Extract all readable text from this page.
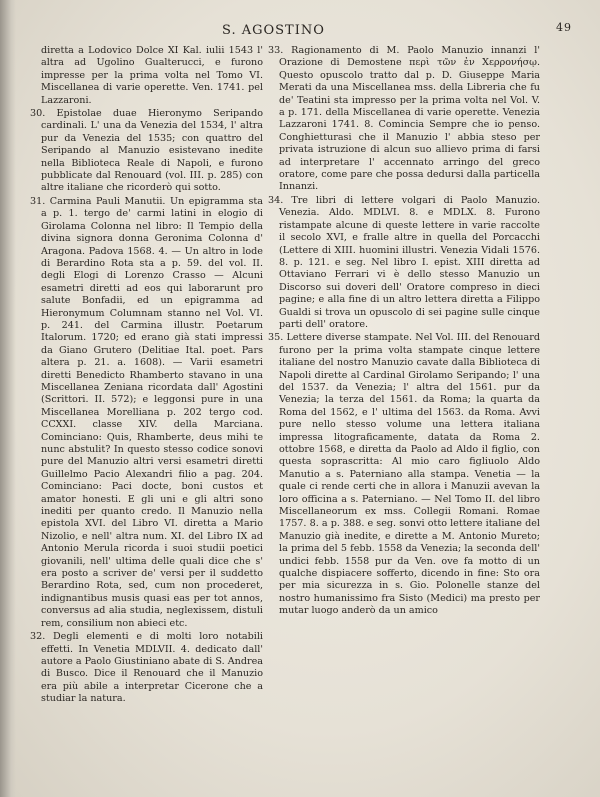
S. AGOSTINO	49

diretta a Lodovico Dolce XI Kal. iulii 1543 l' altra ad Ugolino Gualterucci, e furono impresse per la prima volta nel Tomo VI. Miscellanea di varie operette. Ven. 1741. pel Lazzaroni.

30. Epistolae duae Hieronymo Seripando cardinali. L' una da Venezia del 1534, l' altra pur da Venezia del 1535; con quattro del Seripando al Manuzio esistevano inedite nella Biblioteca Reale di Napoli, e furono pubblicate dal Renouard (vol. III. p. 285) con altre italiane che ricorderò qui sotto.

31. Carmina Pauli Manutii. Un epigramma sta a p. 1. tergo de' carmi latini in elogio di Girolama Colonna nel libro: Il Tempio della divina signora donna Geronima Colonna d' Aragona. Padova 1568. 4. — Un altro in lode di Berardino Rota sta a p. 59. del vol. II. degli Elogi di Lorenzo Crasso — Alcuni esametri diretti ad eos qui laborarunt pro salute Bonfadii, ed un epigramma ad Hieronymum Columnam stanno nel Vol. VI. p. 241. del Carmina illustr. Poetarum Italorum. 1720; ed erano già stati impressi da Giano Grutero (Delitiae Ital. poet. Pars altera p. 21. a. 1608). — Varii esametri diretti Benedicto Rhamberto stavano in una Miscellanea Zeniana ricordata dall' Agostini (Scrittori. II. 572); e leggonsi pure in una Miscellanea Morelliana p. 202 tergo cod. CCXXI. classe XIV. della Marciana. Cominciano: Quis, Rhamberte, deus mihi te nunc abstulit? In questo stesso codice sonovi pure del Manuzio altri versi esametri diretti Guillelmo Pacio Alexandri filio a pag. 204. Cominciano: Paci docte, boni custos et amator honesti. E gli uni e gli altri sono inediti per quanto credo. Il Manuzio nella epistola XVI. del Libro VI. diretta a Mario Nizolio, e nell' altra num. XI. del Libro IX ad Antonio Merula ricorda i suoi studii poetici giovanili, nell' ultima delle quali dice che s' era posto a scriver de' versi per il suddetto Berardino Rota, sed, cum non procederet, indignantibus musis quasi eas per tot annos, conversus ad alia studia, neglexissem, distuli rem, consilium non abieci etc.

32. Degli elementi e di molti loro notabili effetti. In Venetia MDLVII. 4. dedicato dall' autore a Paolo Giustiniano abate di S. Andrea di Busco. Dice il Renouard che il Manuzio era più abile a interpretar Cicerone che a studiar la natura.

33. Ragionamento di M. Paolo Manuzio innanzi l' Orazione di Demostene περὶ τῶν ἐν Χερρονήσῳ. Questo opuscolo tratto dal p. D. Giuseppe Maria Merati da una Miscellanea mss. della Libreria che fu de' Teatini sta impresso per la prima volta nel Vol. V. a p. 171. della Miscellanea di varie operette. Venezia Lazzaroni 1741. 8. Comincia Sempre che io penso. Conghietturasi che il Manuzio l' abbia steso per privata istruzione di alcun suo allievo prima di farsi ad interpretare l' accennato arringo del greco oratore, come pare che possa dedursi dalla particella Innanzi.

34. Tre libri di lettere volgari di Paolo Manuzio. Venezia. Aldo. MDLVI. 8. e MDLX. 8. Furono ristampate alcune di queste lettere in varie raccolte il secolo XVI, e fralle altre in quella del Porcacchi (Lettere di XIII. huomini illustri. Venezia Vidali 1576. 8. p. 121. e seg. Nel libro I. epist. XIII diretta ad Ottaviano Ferrari vi è dello stesso Manuzio un Discorso sui doveri dell' Oratore compreso in dieci pagine; e alla fine di un altro lettera diretta a Filippo Gualdi si trova un opuscolo di sei pagine sulle cinque parti dell' oratore.

35. Lettere diverse stampate. Nel Vol. III. del Renouard furono per la prima volta stampate cinque lettere italiane del nostro Manuzio cavate dalla Biblioteca di Napoli dirette al Cardinal Girolamo Seripando; l' una del 1537. da Venezia; l' altra del 1561. pur da Venezia; la terza del 1561. da Roma; la quarta da Roma del 1562, e l' ultima del 1563. da Roma. Avvi pure nello stesso volume una lettera italiana impressa litograficamente, datata da Roma 2. ottobre 1568, e diretta da Paolo ad Aldo il figlio, con questa soprascritta: Al mio caro figliuolo Aldo Manutio a s. Paterniano alla stampa. Venetia — la quale ci rende certi che in allora i Manuzii avevan la loro officina a s. Paterniano. — Nel Tomo II. del libro Miscellaneorum ex mss. Collegii Romani. Romae 1757. 8. a p. 388. e seg. sonvi otto lettere italiane del Manuzio già inedite, e dirette a M. Antonio Mureto; la prima del 5 febb. 1558 da Venezia; la seconda dell' undici febb. 1558 pur da Ven. ove fa motto di un qualche dispiacere sofferto, dicendo in fine: Sto ora per mia sicurezza in s. Gio. Polonelle stanze del nostro humanissimo fra Sisto (Medici) ma presto per mutar luogo anderò da un amico
